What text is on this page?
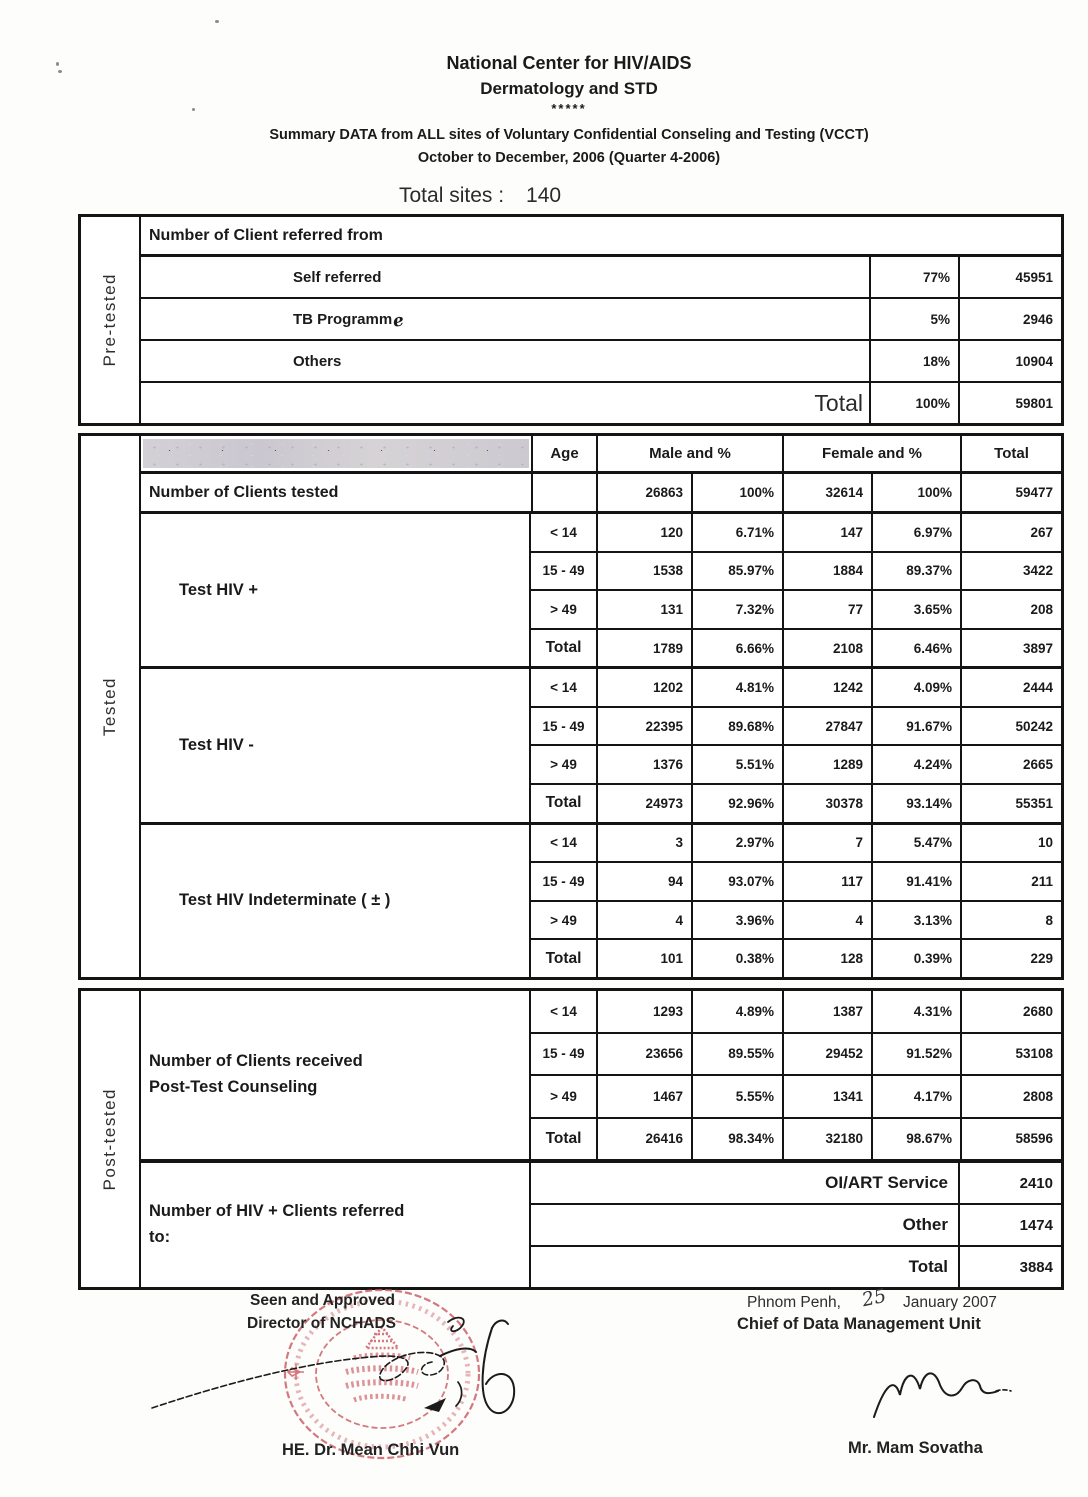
National Center for HIV/AIDS
Dermatology and STD
*****
Summary DATA from ALL sites of Voluntary Confidential Conseling and Testing (VCCT)
October to December, 2006 (Quarter 4-2006)
Total sites : 140
Pre-tested
Number of Client referred from
Self referred	77%	45951
TB Programm e	5%	2946
Others	18%	10904
Total	100%	59801
Tested
Age	Male and %	Female and %	Total
Number of Clients tested	26863	100%	32614	100%	59477
Test HIV +
< 14	120	6.71%	147	6.97%	267
15 - 49	1538	85.97%	1884	89.37%	3422
> 49	131	7.32%	77	3.65%	208
Total	1789	6.66%	2108	6.46%	3897
Test HIV -
< 14	1202	4.81%	1242	4.09%	2444
15 - 49	22395	89.68%	27847	91.67%	50242
> 49	1376	5.51%	1289	4.24%	2665
Total	24973	92.96%	30378	93.14%	55351
Test HIV Indeterminate ( ± )
< 14	3	2.97%	7	5.47%	10
15 - 49	94	93.07%	117	91.41%	211
> 49	4	3.96%	4	3.13%	8
Total	101	0.38%	128	0.39%	229
Post-tested
Number of Clients received
Post-Test Counseling
< 14	1293	4.89%	1387	4.31%	2680
15 - 49	23656	89.55%	29452	91.52%	53108
> 49	1467	5.55%	1341	4.17%	2808
Total	26416	98.34%	32180	98.67%	58596
Number of HIV + Clients referred
to:
OI/ART Service	2410
Other	1474
Total	3884
Seen and Approved
Director of NCHADS
HE. Dr. Mean Chhi Vun
Phnom Penh, 25 January 2007
Chief of Data Management Unit
Mr. Mam Sovatha
